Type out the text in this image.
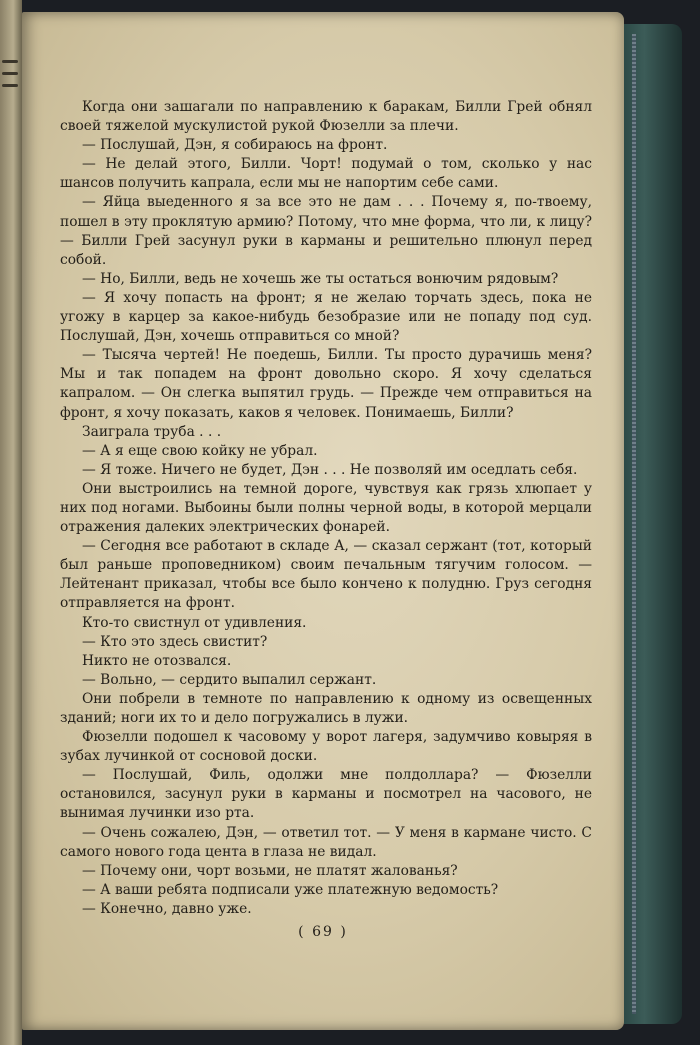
Когда они зашагали по направлению к баракам, Билли Грей обнял своей тяжелой мускулистой рукой Фюзелли за плечи.

— Послушай, Дэн, я собираюсь на фронт.

— Не делай этого, Билли. Чорт! подумай о том, сколько у нас шансов получить капрала, если мы не напортим себе сами.

— Яйца выеденного я за все это не дам . . . Почему я, по-твоему, пошел в эту проклятую армию? Потому, что мне форма, что ли, к лицу? — Билли Грей засунул руки в карманы и решительно плюнул перед собой.

— Но, Билли, ведь не хочешь же ты остаться вонючим рядовым?

— Я хочу попасть на фронт; я не желаю торчать здесь, пока не угожу в карцер за какое-нибудь безобразие или не попаду под суд. Послушай, Дэн, хочешь отправиться со мной?

— Тысяча чертей! Не поедешь, Билли. Ты просто дурачишь меня? Мы и так попадем на фронт довольно скоро. Я хочу сделаться капралом. — Он слегка выпятил грудь. — Прежде чем отправиться на фронт, я хочу показать, каков я человек. Понимаешь, Билли?

Заиграла труба . . .

— А я еще свою койку не убрал.

— Я тоже. Ничего не будет, Дэн . . . Не позволяй им оседлать себя.

Они выстроились на темной дороге, чувствуя как грязь хлюпает у них под ногами. Выбоины были полны черной воды, в которой мерцали отражения далеких электрических фонарей.

— Сегодня все работают в складе А, — сказал сержант (тот, который был раньше проповедником) своим печальным тягучим голосом. — Лейтенант приказал, чтобы все было кончено к полудню. Груз сегодня отправляется на фронт.

Кто-то свистнул от удивления.

— Кто это здесь свистит?

Никто не отозвался.

— Вольно, — сердито выпалил сержант.

Они побрели в темноте по направлению к одному из освещенных зданий; ноги их то и дело погружались в лужи.

Фюзелли подошел к часовому у ворот лагеря, задумчиво ковыряя в зубах лучинкой от сосновой доски.

— Послушай, Филь, одолжи мне полдоллара? — Фюзелли остановился, засунул руки в карманы и посмотрел на часового, не вынимая лучинки изо рта.

— Очень сожалею, Дэн, — ответил тот. — У меня в кармане чисто. С самого нового года цента в глаза не видал.

— Почему они, чорт возьми, не платят жалованья?

— А ваши ребята подписали уже платежную ведомость?

— Конечно, давно уже.

( 69 )
